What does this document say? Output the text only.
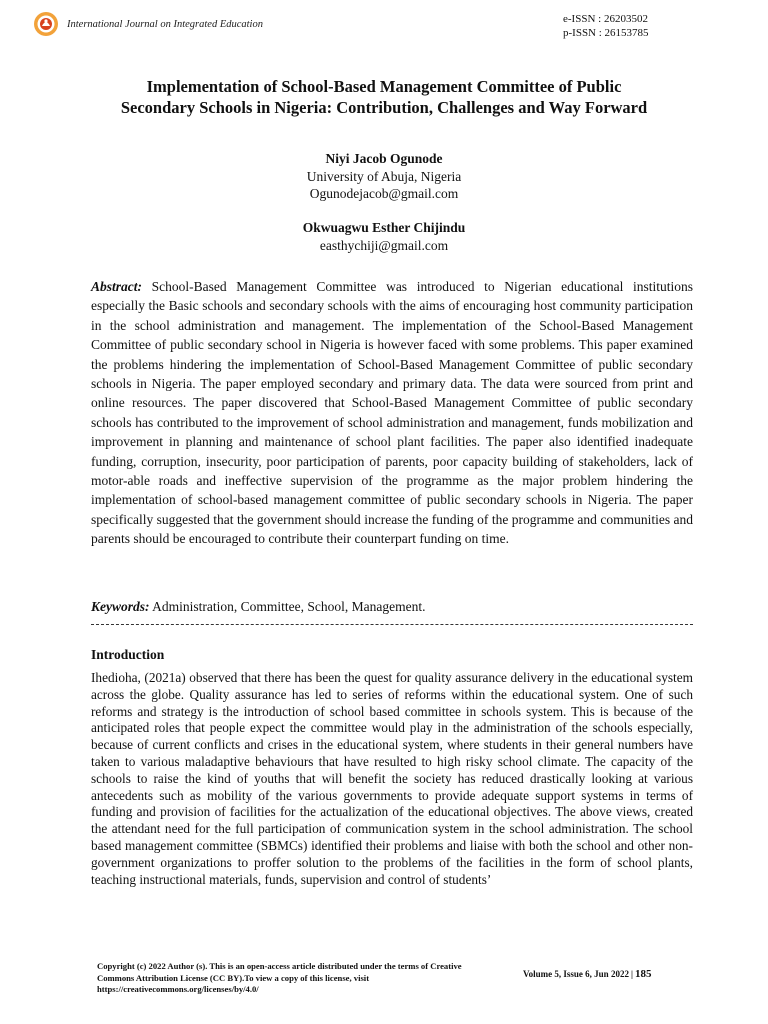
International Journal on Integrated Education	e-ISSN : 26203502
p-ISSN : 26153785
Implementation of School-Based Management Committee of Public
Secondary Schools in Nigeria: Contribution, Challenges and Way Forward
Niyi Jacob Ogunode
University of Abuja, Nigeria
Ogunodejacob@gmail.com
Okwuagwu Esther Chijindu
easthychiji@gmail.com

Abstract: School-Based Management Committee was introduced to Nigerian educational institutions especially the Basic schools and secondary schools with the aims of encouraging host community participation in the school administration and management. The implementation of the School-Based Management Committee of public secondary school in Nigeria is however faced with some problems. This paper examined the problems hindering the implementation of School-Based Management Committee of public secondary schools in Nigeria. The paper employed secondary and primary data. The data were sourced from print and online resources. The paper discovered that School-Based Management Committee of public secondary schools has contributed to the improvement of school administration and management, funds mobilization and improvement in planning and maintenance of school plant facilities. The paper also identified inadequate funding, corruption, insecurity, poor participation of parents, poor capacity building of stakeholders, lack of motor-able roads and ineffective supervision of the programme as the major problem hindering the implementation of school-based management committee of public secondary schools in Nigeria. The paper specifically suggested that the government should increase the funding of the programme and communities and parents should be encouraged to contribute their counterpart funding on time.

Keywords: Administration, Committee, School, Management.

Introduction

Ihedioha, (2021a) observed that there has been the quest for quality assurance delivery in the educational system across the globe. Quality assurance has led to series of reforms within the educational system. One of such reforms and strategy is the introduction of school based committee in schools system. This is because of the anticipated roles that people expect the committee would play in the administration of the schools especially, because of current conflicts and crises in the educational system, where students in their general numbers have taken to various maladaptive behaviours that have resulted to high risky school climate. The capacity of the schools to raise the kind of youths that will benefit the society has reduced drastically looking at various antecedents such as mobility of the various governments to provide adequate support systems in terms of funding and provision of facilities for the actualization of the educational objectives. The above views, created the attendant need for the full participation of communication system in the school administration. The school based management committee (SBMCs) identified their problems and liaise with both the school and other non-government organizations to proffer solution to the problems of the facilities in the form of school plants, teaching instructional materials, funds, supervision and control of students’

Copyright (c) 2022 Author (s). This is an open-access article distributed under the terms of Creative Commons Attribution License (CC BY).To view a copy of this license, visit https://creativecommons.org/licenses/by/4.0/
Volume 5, Issue 6, Jun 2022 | 185
